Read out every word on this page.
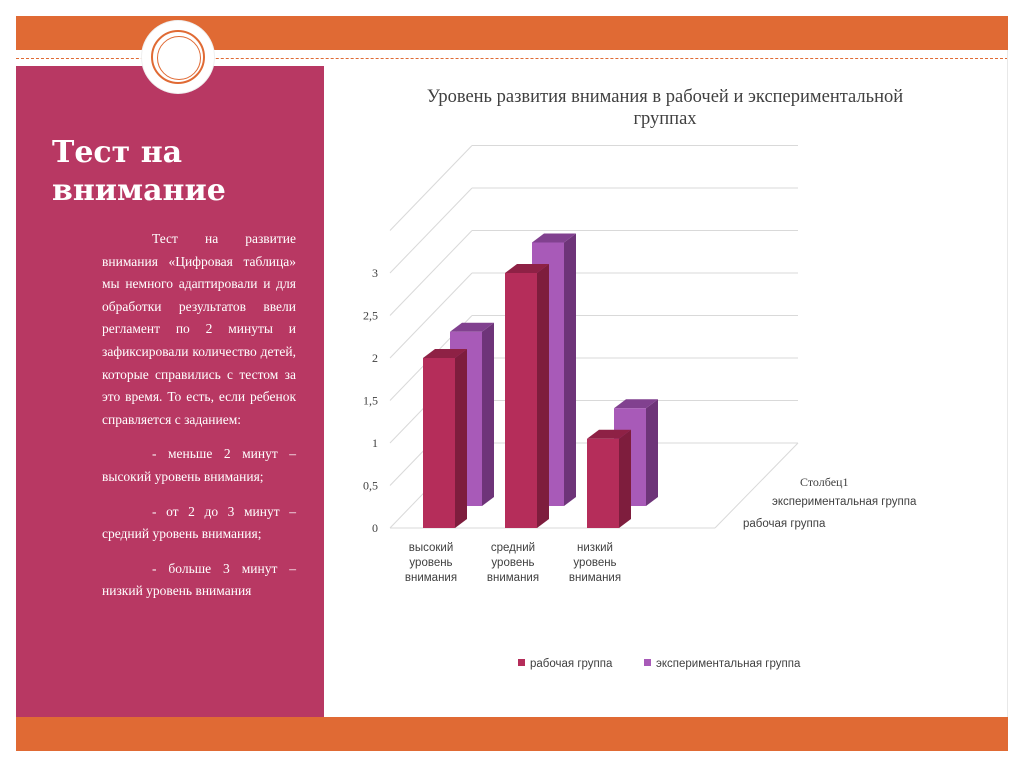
Тест на внимание

Тест на развитие внимания «Цифровая таблица» мы немного адаптировали и для обработки результатов ввели регламент по 2 минуты и зафиксировали количество детей, которые справились с тестом за это время. То есть, если ребенок справляется с заданием:

- меньше 2 минут – высокий уровень внимания;

- от 2 до 3 минут – средний уровень внимания;

- больше 3 минут – низкий уровень внимания

Уровень развития внимания в рабочей и экспериментальной группах
0
0,5
1
1,5
2
2,5
3
высокий
уровень
внимания
средний
уровень
внимания
низкий
уровень
внимания
Столбец1
экспериментальная группа
рабочая группа
рабочая группа	экспериментальная группа
